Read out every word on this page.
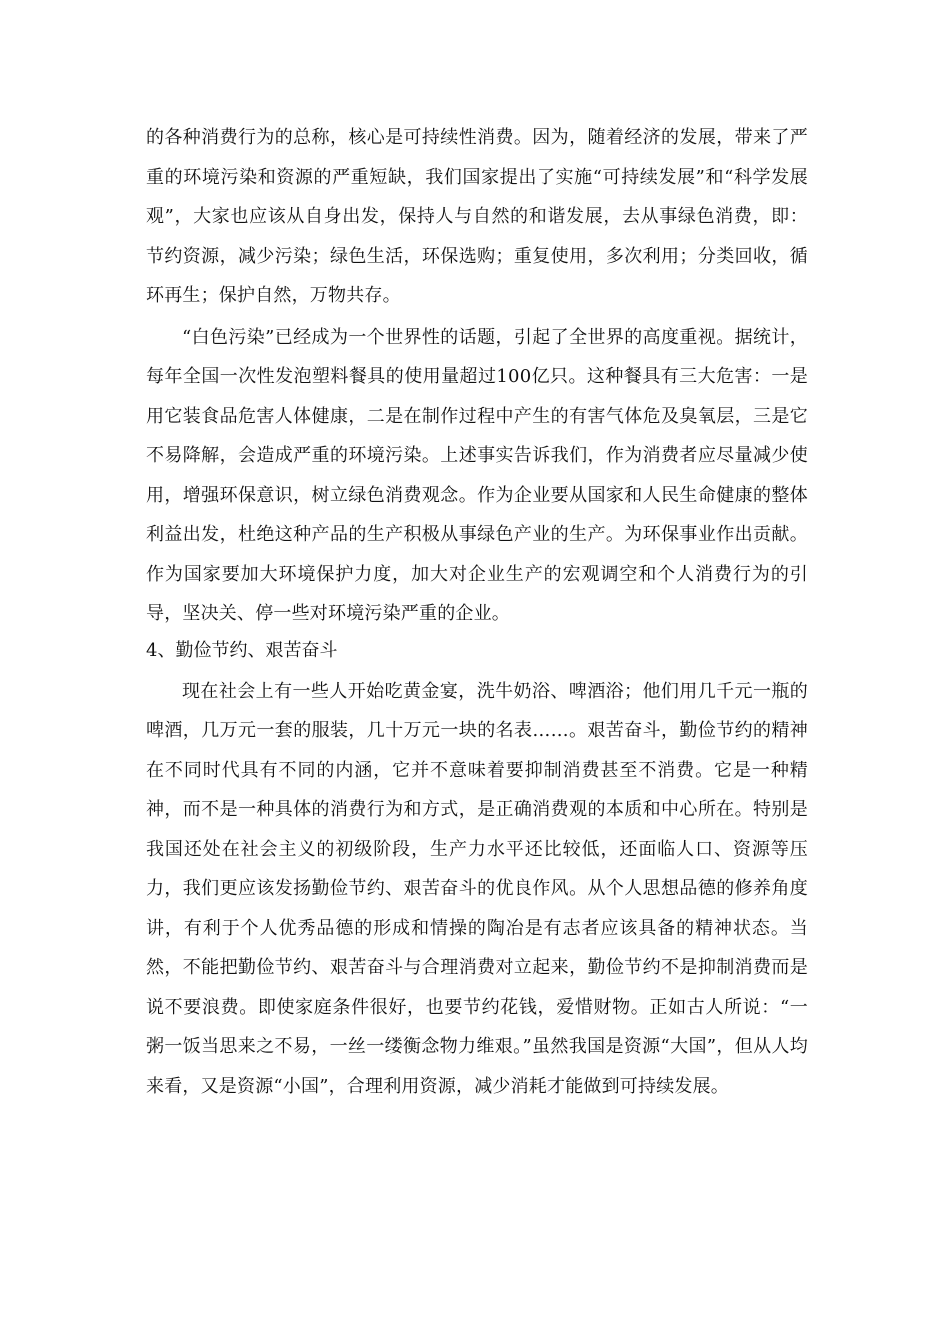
的各种消费行为的总称，核心是可持续性消费。因为，随着经济的发展，带来了严重的环境污染和资源的严重短缺，我们国家提出了实施“可持续发展”和“科学发展观”，大家也应该从自身出发，保持人与自然的和谐发展，去从事绿色消费，即：节约资源，减少污染；绿色生活，环保选购；重复使用，多次利用；分类回收，循环再生；保护自然，万物共存。

“白色污染”已经成为一个世界性的话题，引起了全世界的高度重视。据统计，每年全国一次性发泡塑料餐具的使用量超过100亿只。这种餐具有三大危害：一是用它装食品危害人体健康，二是在制作过程中产生的有害气体危及臭氧层，三是它不易降解，会造成严重的环境污染。上述事实告诉我们，作为消费者应尽量减少使用，增强环保意识，树立绿色消费观念。作为企业要从国家和人民生命健康的整体利益出发，杜绝这种产品的生产积极从事绿色产业的生产。为环保事业作出贡献。作为国家要加大环境保护力度，加大对企业生产的宏观调空和个人消费行为的引导，坚决关、停一些对环境污染严重的企业。

4、勤俭节约、艰苦奋斗

现在社会上有一些人开始吃黄金宴，洗牛奶浴、啤酒浴；他们用几千元一瓶的啤酒，几万元一套的服装，几十万元一块的名表……。艰苦奋斗，勤俭节约的精神在不同时代具有不同的内涵，它并不意味着要抑制消费甚至不消费。它是一种精神，而不是一种具体的消费行为和方式，是正确消费观的本质和中心所在。特别是我国还处在社会主义的初级阶段，生产力水平还比较低，还面临人口、资源等压力，我们更应该发扬勤俭节约、艰苦奋斗的优良作风。从个人思想品德的修养角度讲，有利于个人优秀品德的形成和情操的陶冶是有志者应该具备的精神状态。当然，不能把勤俭节约、艰苦奋斗与合理消费对立起来，勤俭节约不是抑制消费而是说不要浪费。即使家庭条件很好，也要节约花钱，爱惜财物。正如古人所说：“一粥一饭当思来之不易，一丝一缕衡念物力维艰。”虽然我国是资源“大国”，但从人均来看，又是资源“小国”，合理利用资源，减少消耗才能做到可持续发展。
